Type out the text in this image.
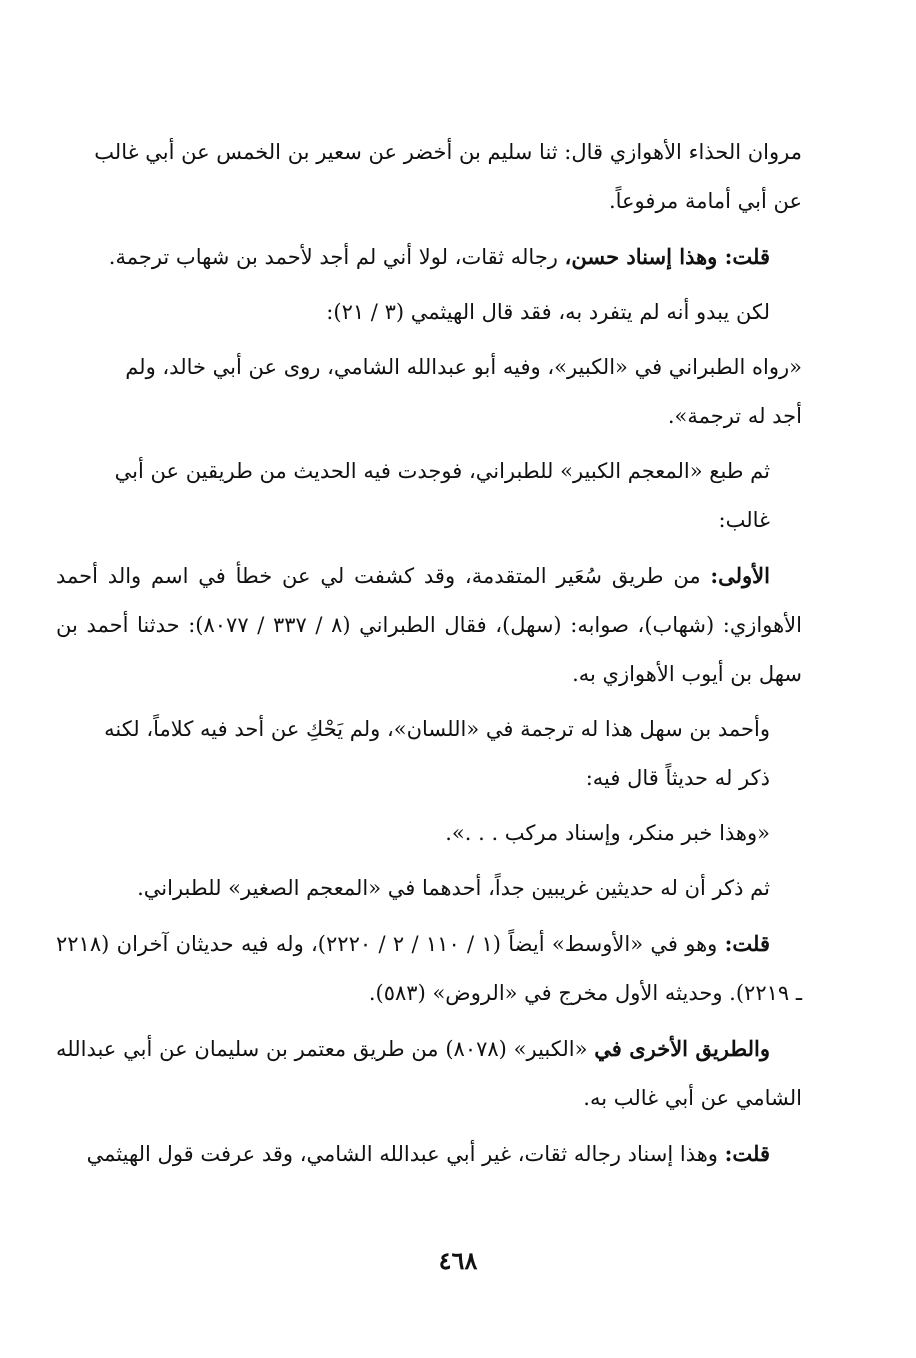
مروان الحذاء الأهوازي قال: ثنا سليم بن أخضر عن سعير بن الخمس عن أبي غالب
عن أبي أمامة مرفوعاً.
قلت: وهذا إسناد حسن، رجاله ثقات، لولا أني لم أجد لأحمد بن شهاب ترجمة.
لكن يبدو أنه لم يتفرد به، فقد قال الهيثمي (٣ / ٢١):
«رواه الطبراني في «الكبير»، وفيه أبو عبدالله الشامي، روى عن أبي خالد، ولم
أجد له ترجمة».
ثم طبع «المعجم الكبير» للطبراني، فوجدت فيه الحديث من طريقين عن أبي
غالب:
الأولى: من طريق سُعَير المتقدمة، وقد كشفت لي عن خطأ في اسم والد أحمد الأهوازي: (شهاب)، صوابه: (سهل)، فقال الطبراني (٨ / ٣٣٧ / ٨٠٧٧): حدثنا أحمد بن سهل بن أيوب الأهوازي به.
وأحمد بن سهل هذا له ترجمة في «اللسان»، ولم يَحْكِ عن أحد فيه كلاماً، لكنه
ذكر له حديثاً قال فيه:
«وهذا خبر منكر، وإسناد مركب . . .».
ثم ذكر أن له حديثين غريبين جداً، أحدهما في «المعجم الصغير» للطبراني.
قلت: وهو في «الأوسط» أيضاً (١ / ١١٠ / ٢ / ٢٢٢٠)، وله فيه حديثان آخران (٢٢١٨ ـ ٢٢١٩). وحديثه الأول مخرج في «الروض» (٥٨٣).
والطريق الأخرى في «الكبير» (٨٠٧٨) من طريق معتمر بن سليمان عن أبي عبدالله الشامي عن أبي غالب به.
قلت: وهذا إسناد رجاله ثقات، غير أبي عبدالله الشامي، وقد عرفت قول الهيثمي
٤٦٨
